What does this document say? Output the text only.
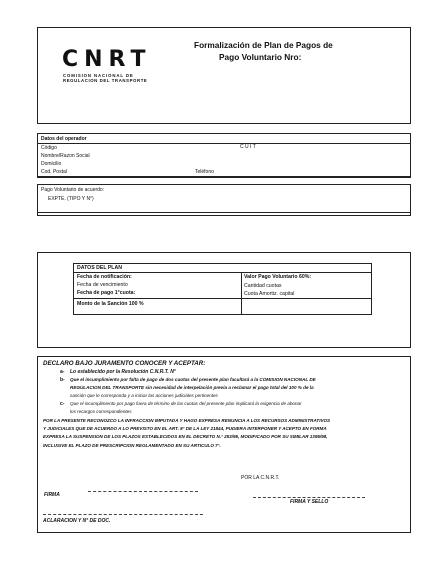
CNRT
COMISION NACIONAL DE
REGULACION DEL TRANSPORTE
Formalización de Plan de Pagos de
Pago Voluntario Nro:
Datos del operador
Código	C U I T
Nombre/Razon Social
Domicilio
Cod. Postal	Teléfono
Pago Voluntario de acuerdo:
EXPTE. (TIPO Y N°)
DATOS DEL PLAN
Fecha de notificación:
Fecha de vencimiento
Fecha de pago 1°cuota:
Monto de la Sanción 100 %
Valor Pago Voluntario 60%:
Cantidad cuotas
Cuota Amortiz. capital
DECLARO BAJO JURAMENTO CONOCER Y ACEPTAR:
a- Lo establecido por la Resolución C.N.R.T. N°
b- Que el incumplimiento por falta de pago de dos cuotas del presente plan facultará a la COMISION NACIONAL DE
REGULACION DEL TRANSPORTE sin necesidad de interpelación previa a reclamar el pago total del 100 % de la
sanción que le corresponda y a iniciar las acciones judiciales pertinentes
c- Que el incumplimiento por pago fuera de término de las cuotas del presente plan implicará la exigencia de abonar
los recargos correspondientes
POR LA PRESENTE RECONOZCO LA INFRACCION IMPUTADA Y HAGO EXPRESA RENUNCIA A LOS RECURSOS ADMINISTRATIVOS
Y JUDICIALES QUE DE ACUERDO A LO PREVISTO EN EL ART. 8° DE LA LEY 21844, PUDIERA INTERPONER Y ACEPTO EN FORMA
EXPRESA LA SUSPENSION DE LOS PLAZOS ESTABLECIDOS EN EL DECRETO N.° 253/95, MODIFICADO POR SU SIMILAR 1395/98,
INCLUSIVE EL PLAZO DE PRESCRIPCION REGLAMENTADO EN SU ARTICULO 7°.
POR LA C.N.R.T.
FIRMA
FIRMA Y SELLO
ACLARACION Y N° DE DOC.
